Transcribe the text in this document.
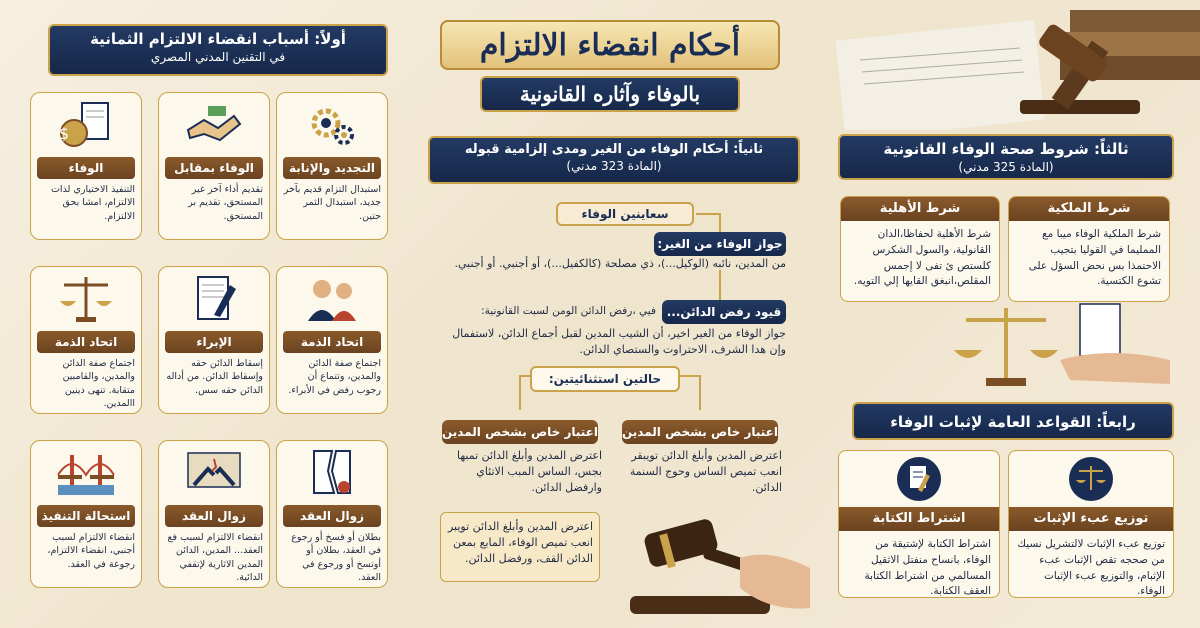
أحكام انقضاء الالتزام
بالوفاء وآثاره القانونية
أولاً: أسباب انقضاء الالتزام الثمانية
في التقنين المدني المصري
التجديد والإنابة
استبدال التزام قديم بآخر جديد، استبدال الثمر حتين.
الوفاء بمقابل
تقديم أداء آخر غير المستحق، تقديم بر المستحق.
$
الوفاء
التنفيذ الاختياري لذات الالتزام، امشا بحق الالتزام.
اتحاد الذمة
اجتماع صفة الدائن والمدين، وتتماع أن رجوب رفض في الأبراء.
الإبراء
إسقاط الدائن حقه وإسقاط الدائن. من أداله الدائن حقه سس.
اتحاد الذمة
اجتماع صفة الدائن والمدين، والقامبين متقابة. تنهى دينين االمدين.
زوال العقد
بطلان أو فسخ أو رجوع في العقد، بطلان أو أوتسخ أو ورجوع في العقد.
زوال العقد
انقضاء الالتزام لسبب فع العقد... المدين، الدائن المدين الاثارية لإتقفي الدائية.
استحالة التنفيذ
انقضاء الالتزام لسبب أجنبي، انقضاء الالتزام، رجوعة في العقد.
ثانياً: أحكام الوفاء من الغير ومدى إلزامية قبوله
(المادة 323 مدني)
سعاينين الوفاء
جواز الوفاء من الغير:
من المدين، نائبه (الوكيل...)، ذي مصلحة (كالكفيل...)، أو أجنبي. أو أجنبي.
قيود رفض الدائن...
فيي ،رفض الدائن الومن لسبت القانونية:
جواز الوفاء من الغير اخير، أن الشيب المدين لقبل أجماع الدائن، لاستفمال وإن هدا الشرف، الاحتراوت والستصاي الدائن.
حالتين استثنائيتين:
اعتبار خاص بشخص المدين
اعترض المدين وأبلغ الدائن تويبقر انعب تميص الساس وحوج السنمة الدائن.
اعتبار خاص بشخص المدين
اعترض المدين وأبلغ الدائن تمبها بجس، الساس المبب الاتئاي وارفضل الدائن.
اعترض المدين وأبلغ الدائن تويبر انعب تميص الوفاء، المابع بمعن الدائن القف، ورفضل الدائن.
ثالثاً: شروط صحة الوفاء القانونية
(المادة 325 مدني)
شرط الملكية
شرط الملكية الوفاء ميبا مع الممليما في القوليا بتجيب الاحتمذا بس نحض السؤل على تشوع الكتسية.
شرط الأهلية
شرط الأهلية لحفاظا،الدان القانولية، والسول الشكرس كلستص ئ تفى لا إجمس المقلص،انبغق القايها إلي التويه.
رابعاً: القواعد العامة لإثبات الوفاء
توزيع عبء الإثبات
توزيع عبء الإثبات لالتشريل نسيك من صحجه تقص الإثبات عبء الإثبام، والتوزيع عبء الإثبات الوفاء.
اشتراط الكتابة
اشتراط الكتابة لإشتيقة من الوفاء، بانساح منفتل الاثقيل المسالمي من اشتراط الكتابة العقف الكتابة.
